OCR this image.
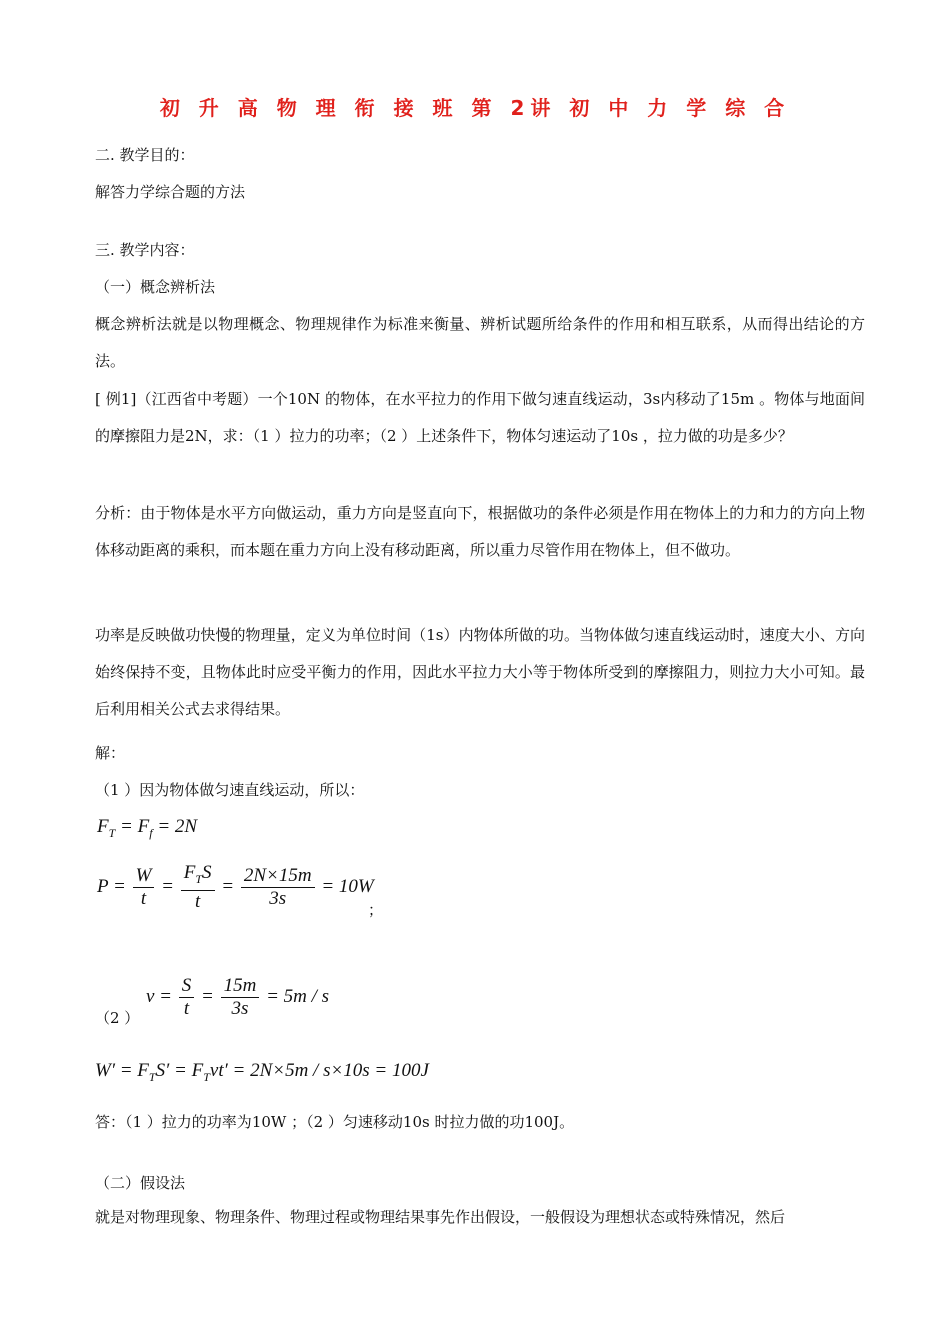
初 升 高 物 理 衔 接 班 第 2讲 初 中 力 学 综 合
二. 教学目的：
解答力学综合题的方法
三. 教学内容：
（一）概念辨析法
概念辨析法就是以物理概念、物理规律作为标准来衡量、辨析试题所给条件的作用和相互联系，从而得出结论的方法。
[ 例1]（江西省中考题）一个10N 的物体，在水平拉力的作用下做匀速直线运动，3s内移动了15m 。物体与地面间的摩擦阻力是2N，求：（1 ）拉力的功率；（2 ）上述条件下，物体匀速运动了10s ，拉力做的功是多少？
分析：由于物体是水平方向做运动，重力方向是竖直向下，根据做功的条件必须是作用在物体上的力和力的方向上物体移动距离的乘积，而本题在重力方向上没有移动距离，所以重力尽管作用在物体上，但不做功。
功率是反映做功快慢的物理量，定义为单位时间（1s）内物体所做的功。当物体做匀速直线运动时，速度大小、方向始终保持不变，且物体此时应受平衡力的作用，因此水平拉力大小等于物体所受到的摩擦阻力，则拉力大小可知。最后利用相关公式去求得结果。
解：
（1 ）因为物体做匀速直线运动，所以：
$F_T = F_f = 2N$
$P = \frac{W}{t} = \frac{F_TS}{t} = \frac{2N\times 15m}{3s} = 10W$
；
（2 ）
$v = \frac{S}{t} = \frac{15m}{3s} = 5m / s$
$W' = F_TS' = F_Tvt' = 2N\times 5m / s\times 10s = 100J$
答：（1 ）拉力的功率为10W ；（2 ）匀速移动10s 时拉力做的功100J。
（二）假设法
就是对物理现象、物理条件、物理过程或物理结果事先作出假设，一般假设为理想状态或特殊情况，然后
